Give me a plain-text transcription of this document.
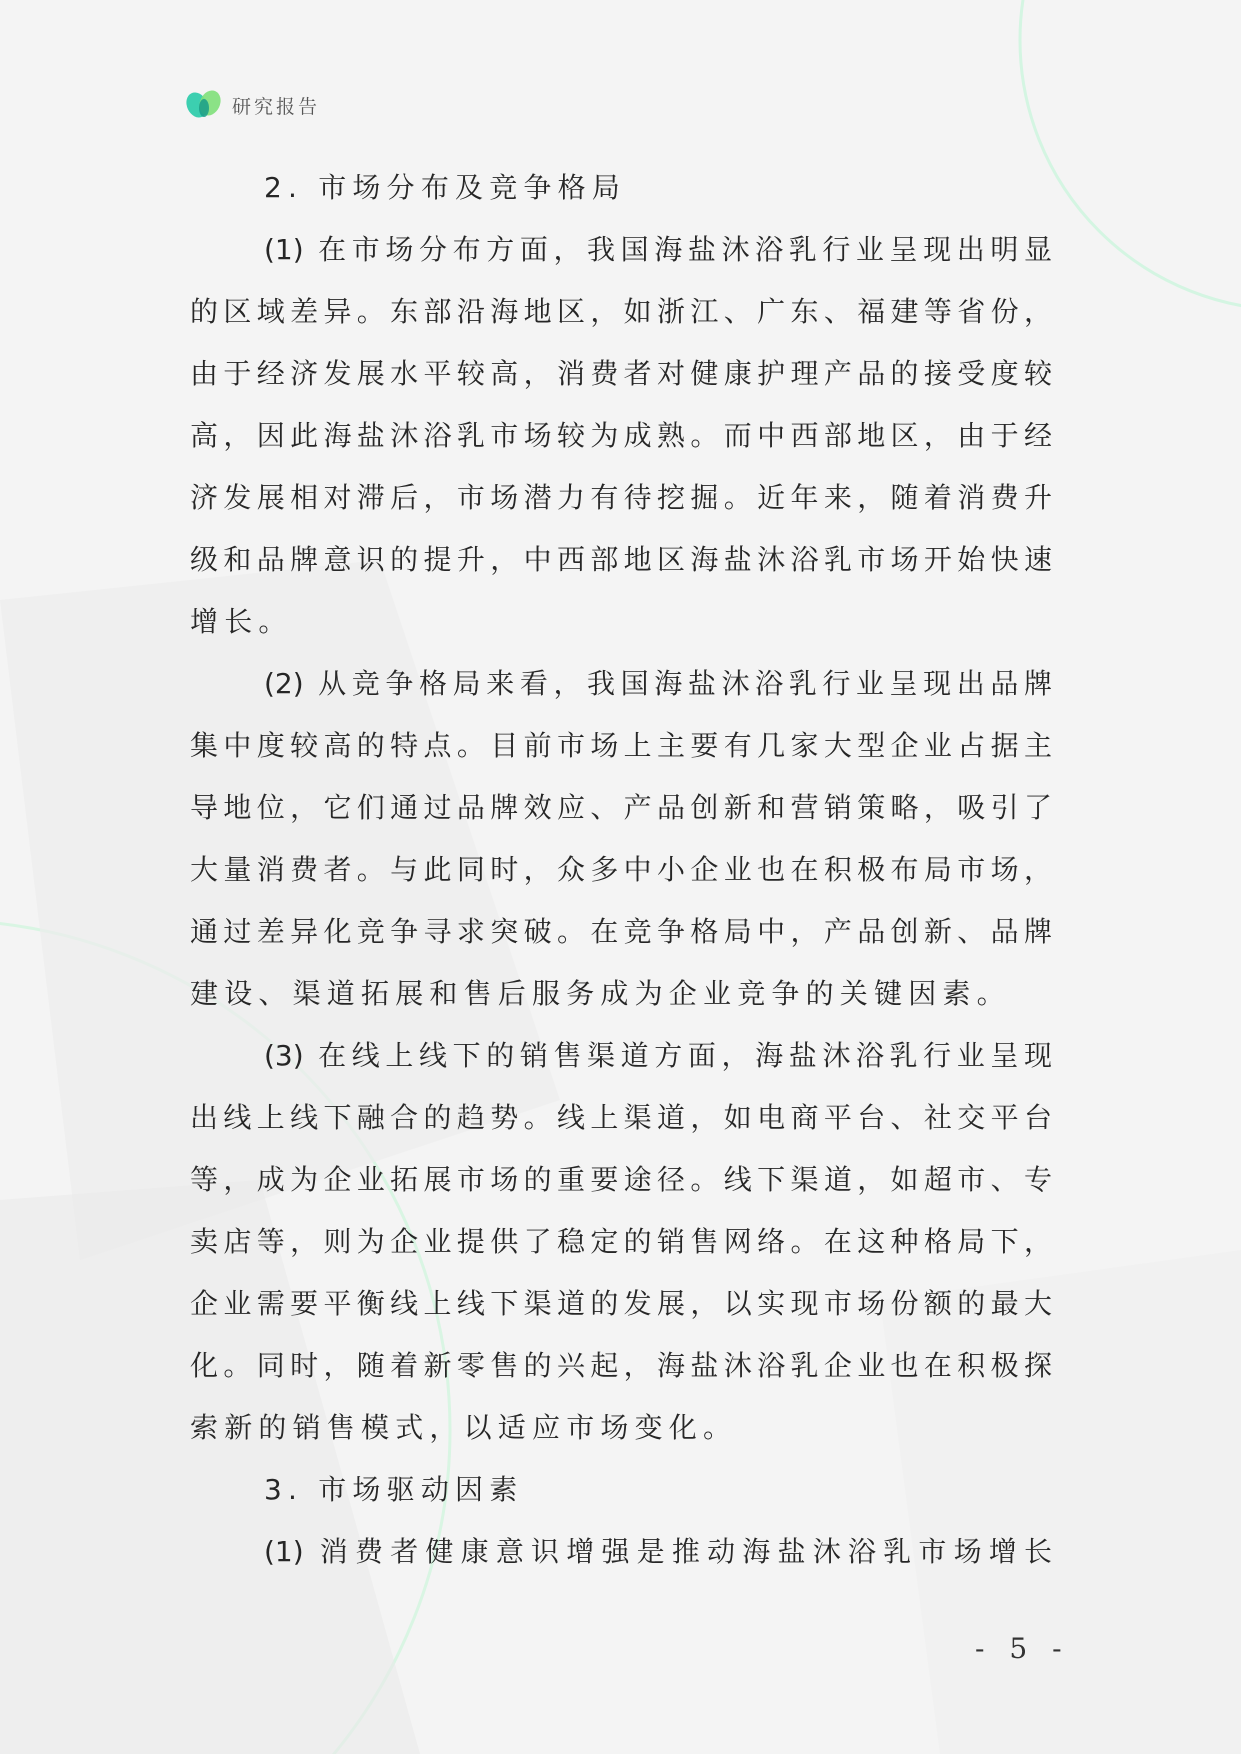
研究报告
2. 市场分布及竞争格局
(1) 在市场分布方面，我国海盐沐浴乳行业呈现出明显
的区域差异。东部沿海地区，如浙江、广东、福建等省份，
由于经济发展水平较高，消费者对健康护理产品的接受度较
高，因此海盐沐浴乳市场较为成熟。而中西部地区，由于经
济发展相对滞后，市场潜力有待挖掘。近年来，随着消费升
级和品牌意识的提升，中西部地区海盐沐浴乳市场开始快速
增长。
(2) 从竞争格局来看，我国海盐沐浴乳行业呈现出品牌
集中度较高的特点。目前市场上主要有几家大型企业占据主
导地位，它们通过品牌效应、产品创新和营销策略，吸引了
大量消费者。与此同时，众多中小企业也在积极布局市场，
通过差异化竞争寻求突破。在竞争格局中，产品创新、品牌
建设、渠道拓展和售后服务成为企业竞争的关键因素。
(3) 在线上线下的销售渠道方面，海盐沐浴乳行业呈现
出线上线下融合的趋势。线上渠道，如电商平台、社交平台
等，成为企业拓展市场的重要途径。线下渠道，如超市、专
卖店等，则为企业提供了稳定的销售网络。在这种格局下，
企业需要平衡线上线下渠道的发展，以实现市场份额的最大
化。同时，随着新零售的兴起，海盐沐浴乳企业也在积极探
索新的销售模式，以适应市场变化。
3. 市场驱动因素
(1) 消费者健康意识增强是推动海盐沐浴乳市场增长
- 5 -
